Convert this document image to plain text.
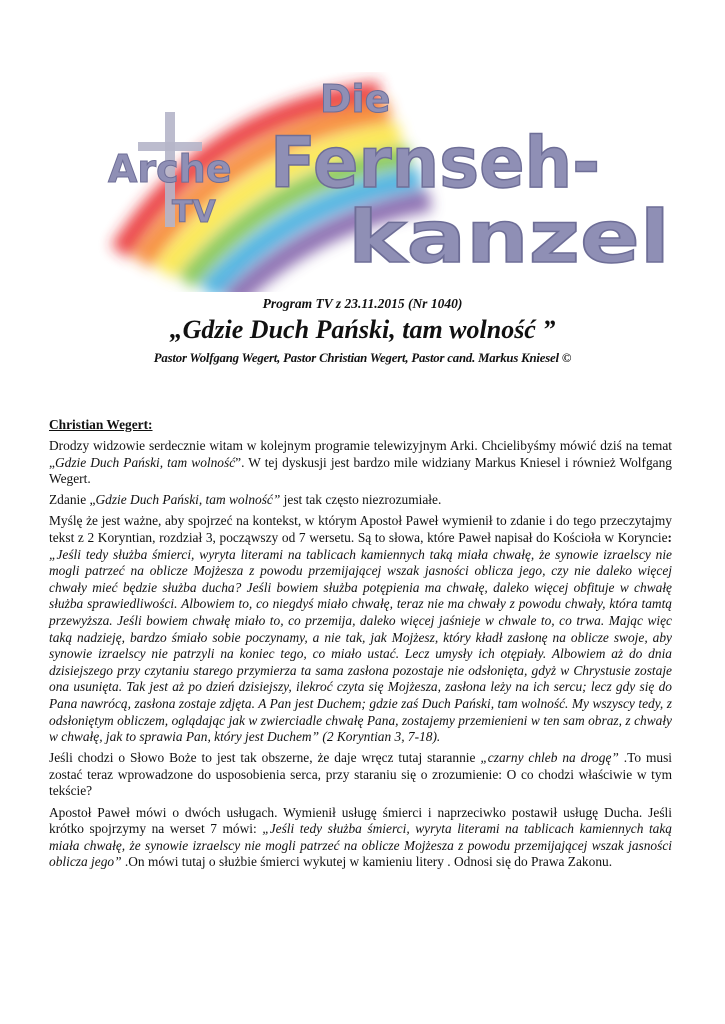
Arche
TV
Die
Fernseh-
kanzel

Program TV z 23.11.2015 (Nr 1040)

„Gdzie Duch Pański, tam wolność ”

Pastor Wolfgang Wegert, Pastor Christian Wegert, Pastor cand. Markus Kniesel ©

Christian Wegert:

Drodzy widzowie serdecznie witam w kolejnym programie telewizyjnym Arki. Chcielibyśmy mówić dziś na temat „Gdzie Duch Pański, tam wolność”. W tej dyskusji jest bardzo mile widziany Markus Kniesel i również Wolfgang Wegert.

Zdanie „Gdzie Duch Pański, tam wolność” jest tak często niezrozumiałe.

Myślę że jest ważne, aby spojrzeć na kontekst, w którym Apostoł Paweł wymienił to zdanie i do tego przeczytajmy tekst z 2 Koryntian, rozdział 3, począwszy od 7 wersetu. Są to słowa, które Paweł napisał do Kościoła w Koryncie: „Jeśli tedy służba śmierci, wyryta literami na tablicach kamiennych taką miała chwałę, że synowie izraelscy nie mogli patrzeć na oblicze Mojżesza z powodu przemijającej wszak jasności oblicza jego, czy nie daleko więcej chwały mieć będzie służba ducha? Jeśli bowiem służba potępienia ma chwałę, daleko więcej obfituje w chwałę służba sprawiedliwości. Albowiem to, co niegdyś miało chwałę, teraz nie ma chwały z powodu chwały, która tamtą przewyższa. Jeśli bowiem chwałę miało to, co przemija, daleko więcej jaśnieje w chwale to, co trwa. Mając więc taką nadzieję, bardzo śmiało sobie poczynamy, a nie tak, jak Mojżesz, który kładł zasłonę na oblicze swoje, aby synowie izraelscy nie patrzyli na koniec tego, co miało ustać. Lecz umysły ich otępiały. Albowiem aż do dnia dzisiejszego przy czytaniu starego przymierza ta sama zasłona pozostaje nie odsłonięta, gdyż w Chrystusie zostaje ona usunięta. Tak jest aż po dzień dzisiejszy, ilekroć czyta się Mojżesza, zasłona leży na ich sercu; lecz gdy się do Pana nawrócą, zasłona zostaje zdjęta. A Pan jest Duchem; gdzie zaś Duch Pański, tam wolność. My wszyscy tedy, z odsłoniętym obliczem, oglądając jak w zwierciadle chwałę Pana, zostajemy przemienieni w ten sam obraz, z chwały w chwałę, jak to sprawia Pan, który jest Duchem” (2 Koryntian 3, 7-18).

Jeśli chodzi o Słowo Boże to jest tak obszerne, że daje wręcz tutaj starannie „czarny chleb na drogę” .To musi zostać teraz wprowadzone do usposobienia serca, przy staraniu się o zrozumienie: O co chodzi właściwie w tym tekście?

Apostoł Paweł mówi o dwóch usługach. Wymienił usługę śmierci i naprzeciwko postawił usługę Ducha. Jeśli krótko spojrzymy na werset 7 mówi: „Jeśli tedy służba śmierci, wyryta literami na tablicach kamiennych taką miała chwałę, że synowie izraelscy nie mogli patrzeć na oblicze Mojżesza z powodu przemijającej wszak jasności oblicza jego” .On mówi tutaj o służbie śmierci wykutej w kamieniu litery . Odnosi się do Prawa Zakonu.
